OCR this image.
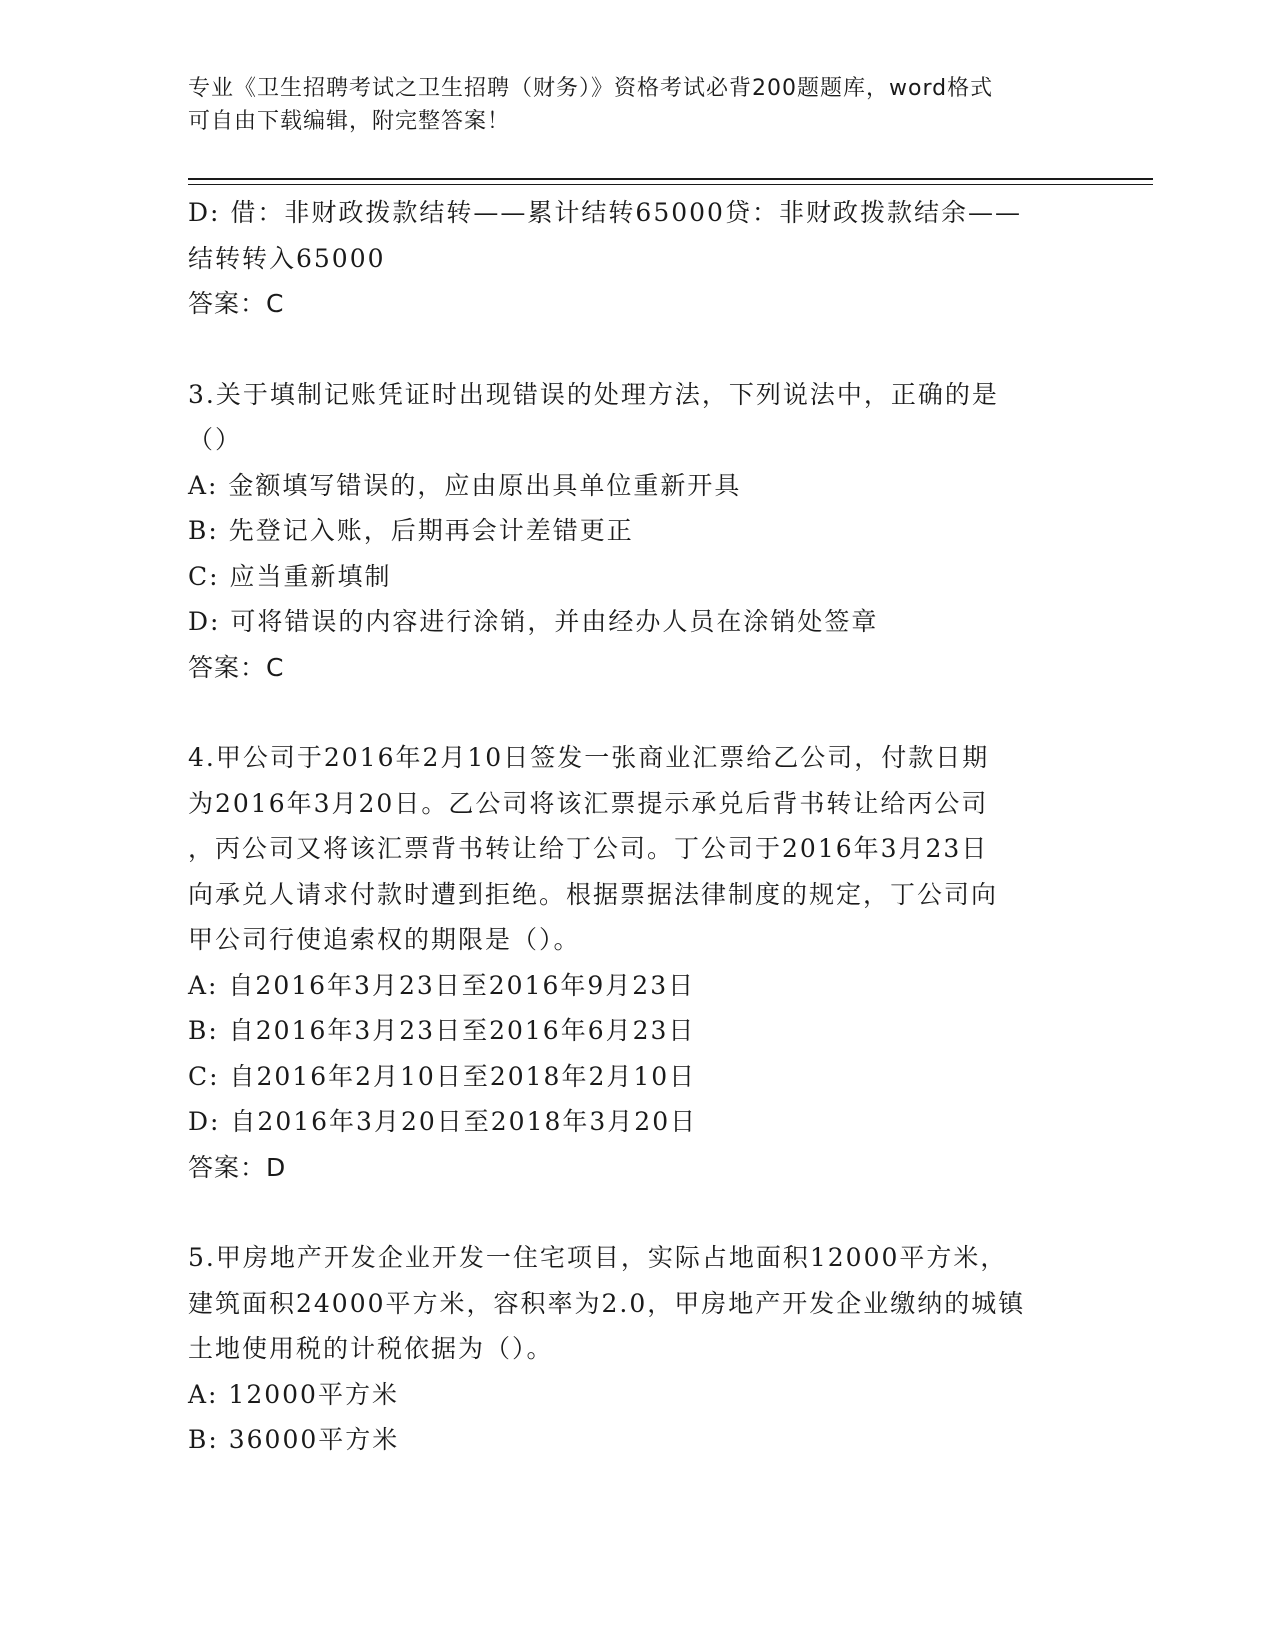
专业《卫生招聘考试之卫生招聘（财务）》资格考试必背200题题库，word格式
可自由下载编辑，附完整答案！
D: 借：非财政拨款结转——累计结转65000贷：非财政拨款结余——
结转转入65000
答案：C
3.关于填制记账凭证时出现错误的处理方法，下列说法中，正确的是
（）
A: 金额填写错误的，应由原出具单位重新开具
B: 先登记入账，后期再会计差错更正
C: 应当重新填制
D: 可将错误的内容进行涂销，并由经办人员在涂销处签章
答案：C
4.甲公司于2016年2月10日签发一张商业汇票给乙公司，付款日期
为2016年3月20日。乙公司将该汇票提示承兑后背书转让给丙公司
，丙公司又将该汇票背书转让给丁公司。丁公司于2016年3月23日
向承兑人请求付款时遭到拒绝。根据票据法律制度的规定，丁公司向
甲公司行使追索权的期限是（）。
A: 自2016年3月23日至2016年9月23日
B: 自2016年3月23日至2016年6月23日
C: 自2016年2月10日至2018年2月10日
D: 自2016年3月20日至2018年3月20日
答案：D
5.甲房地产开发企业开发一住宅项目，实际占地面积12000平方米，
建筑面积24000平方米，容积率为2.0，甲房地产开发企业缴纳的城镇
土地使用税的计税依据为（）。
A: 12000平方米
B: 36000平方米
